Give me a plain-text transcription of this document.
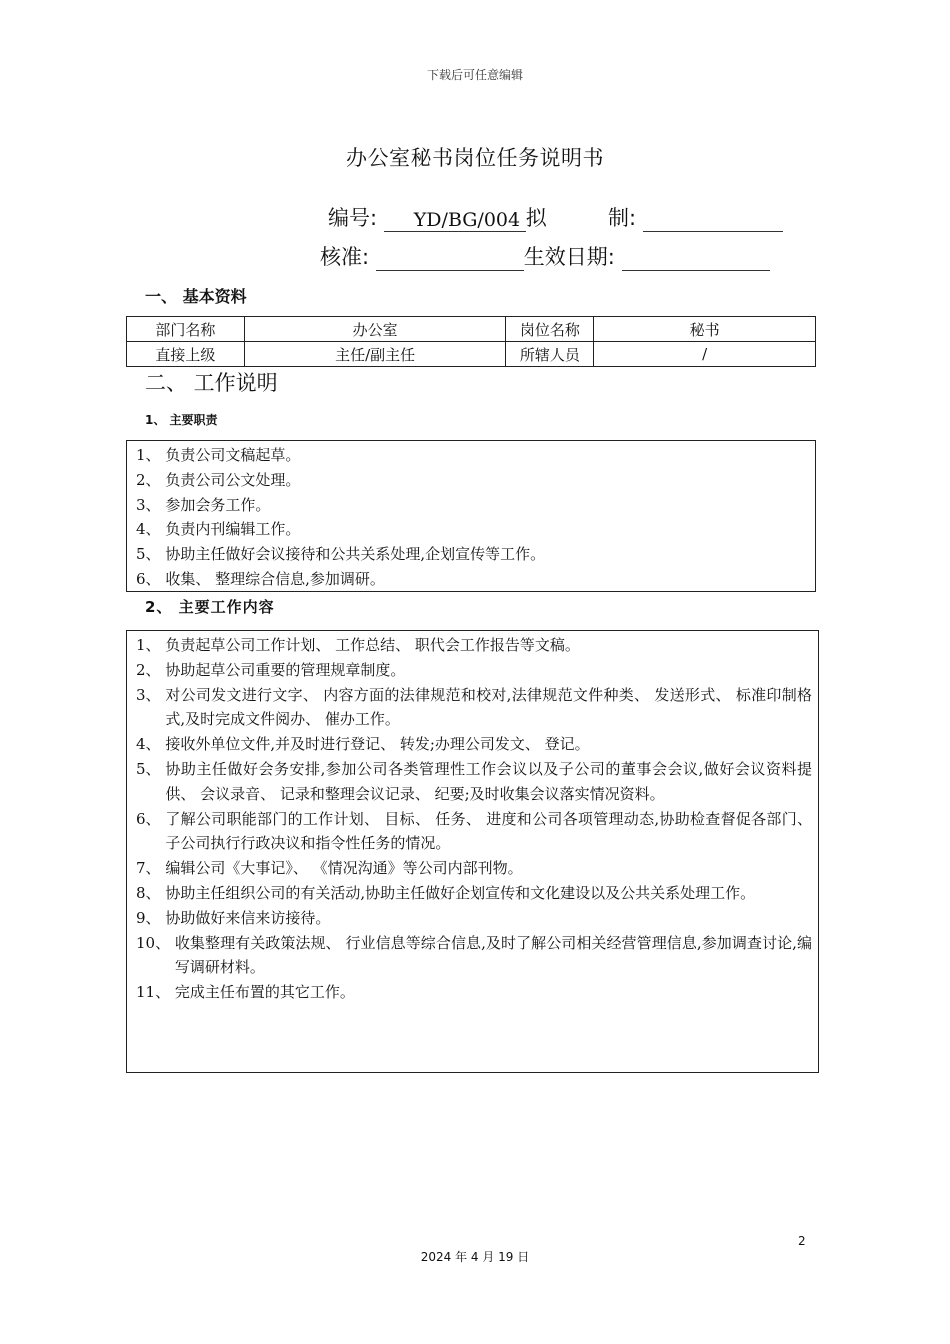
下载后可任意编辑
办公室秘书岗位任务说明书
编号: YD/BG/004 拟	制:
核准:	生效日期:
一、 基本资料
部门名称	办公室	岗位名称	秘书
直接上级	主任/副主任	所辖人员	/
二、 工作说明
1、 主要职责
1、 负责公司文稿起草。
2、 负责公司公文处理。
3、 参加会务工作。
4、 负责内刊编辑工作。
5、 协助主任做好会议接待和公共关系处理,企划宣传等工作。
6、 收集、 整理综合信息,参加调研。
2、 主要工作内容
1、 负责起草公司工作计划、 工作总结、 职代会工作报告等文稿。
2、 协助起草公司重要的管理规章制度。
3、 对公司发文进行文字、 内容方面的法律规范和校对,法律规范文件种类、 发送形式、 标准印制格式,及时完成文件阅办、 催办工作。
4、 接收外单位文件,并及时进行登记、 转发;办理公司发文、 登记。
5、 协助主任做好会务安排,参加公司各类管理性工作会议以及子公司的董事会会议,做好会议资料提供、 会议录音、 记录和整理会议记录、 纪要;及时收集会议落实情况资料。
6、 了解公司职能部门的工作计划、 目标、 任务、 进度和公司各项管理动态,协助检查督促各部门、 子公司执行行政决议和指令性任务的情况。
7、 编辑公司《大事记》、 《情况沟通》等公司内部刊物。
8、 协助主任组织公司的有关活动,协助主任做好企划宣传和文化建设以及公共关系处理工作。
9、 协助做好来信来访接待。
10、 收集整理有关政策法规、 行业信息等综合信息,及时了解公司相关经营管理信息,参加调查讨论,编写调研材料。
11、 完成主任布置的其它工作。
2
2024 年 4 月 19 日
